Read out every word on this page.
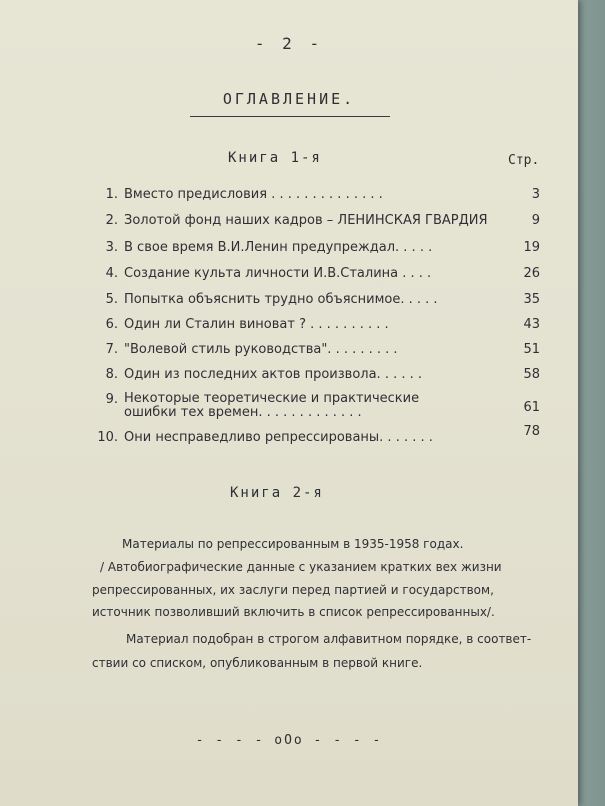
- 2 -
ОГЛАВЛЕНИЕ.
Книга 1-я	Стр.
1. Вместо предисловия . . . . . . . . . . . . . .	3
2. Золотой фонд наших кадров – ЛЕНИНСКАЯ ГВАРДИЯ	9
3. В свое время В.И.Ленин предупреждал. . . . .	19
4. Создание культа личности И.В.Сталина . . . .	26
5. Попытка объяснить трудно объяснимое. . . . .	35
6. Один ли Сталин виноват ? . . . . . . . . . .	43
7. "Волевой стиль руководства". . . . . . . . .	51
8. Один из последних актов произвола. . . . . .	58
9. Некоторые теоретические и практические ошибки тех времен. . . . . . . . . . . . .	61
10. Они несправедливо репрессированы. . . . . . .	78
Книга 2-я
Материалы по репрессированным в 1935-1958 годах.
/ Автобиографические данные с указанием кратких вех жизни
репрессированных, их заслуги перед партией и государством,
источник позволивший включить в список репрессированных/.
Материал подобран в строгом алфавитном порядке, в соответ-
ствии со списком, опубликованным в первой книге.
- - - - oOo - - - -
